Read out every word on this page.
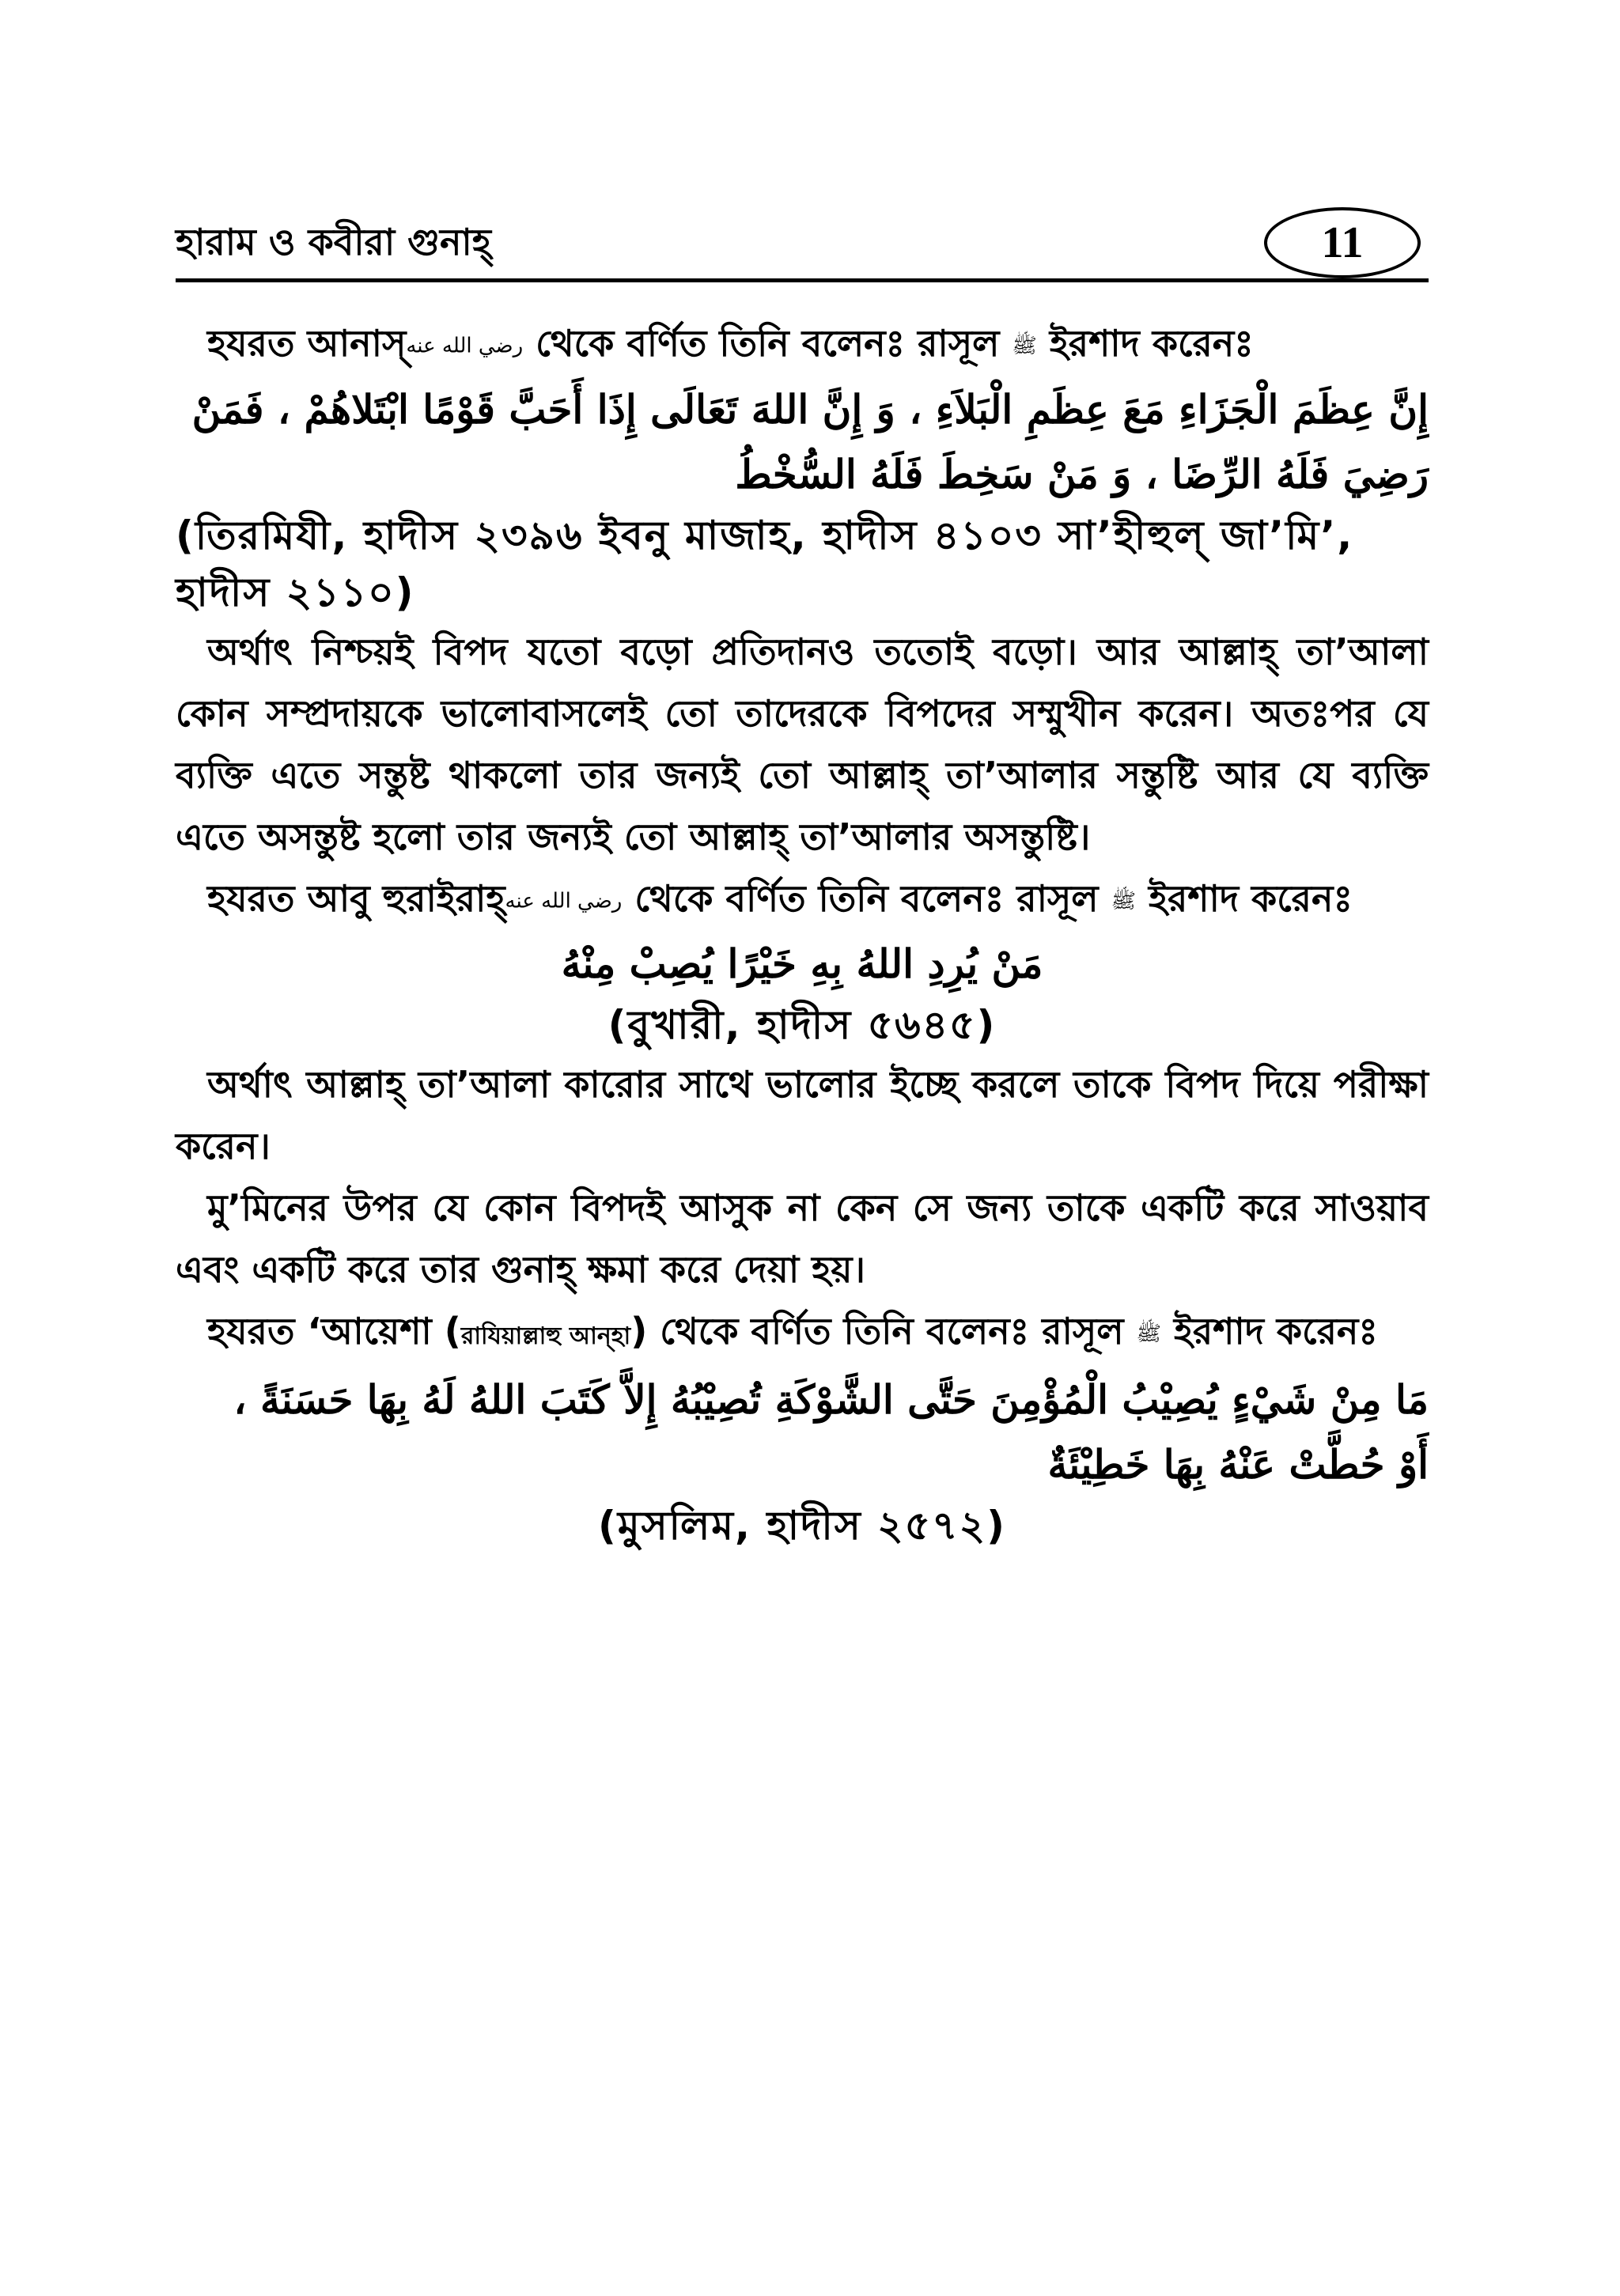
হারাম ও কবীরা গুনাহ্	11

হযরত আনাস্رضي الله عنه থেকে বর্ণিত তিনি বলেনঃ রাসূল ﷺ ইরশাদ করেনঃ

إِنَّ عِظَمَ الْجَزَاءِ مَعَ عِظَمِ الْبَلاَءِ ، وَ إِنَّ اللهَ تَعَالَى إِذَا أَحَبَّ قَوْمًا ابْتَلاهُمْ ، فَمَنْ

رَضِيَ فَلَهُ الرِّضَا ، وَ مَنْ سَخِطَ فَلَهُ السُّخْطُ

(তিরমিযী, হাদীস ২৩৯৬ ইবনু মাজাহ, হাদীস ৪১০৩ সা’হীহুল্ জা’মি’, হাদীস ২১১০)

অর্থাৎ নিশ্চয়ই বিপদ যতো বড়ো প্রতিদানও ততোই বড়ো। আর আল্লাহ্ তা’আলা কোন সম্প্রদায়কে ভালোবাসলেই তো তাদেরকে বিপদের সম্মুখীন করেন। অতঃপর যে ব্যক্তি এতে সন্তুষ্ট থাকলো তার জন্যই তো আল্লাহ্ তা’আলার সন্তুষ্টি আর যে ব্যক্তি এতে অসন্তুষ্ট হলো তার জন্যই তো আল্লাহ্ তা’আলার অসন্তুষ্টি।

হযরত আবু হুরাইরাহ্رضي الله عنه থেকে বর্ণিত তিনি বলেনঃ রাসূল ﷺ ইরশাদ করেনঃ

مَنْ يُرِدِ اللهُ بِهِ خَيْرًا يُصِبْ مِنْهُ

(বুখারী, হাদীস ৫৬৪৫)

অর্থাৎ আল্লাহ্ তা’আলা কারোর সাথে ভালোর ইচ্ছে করলে তাকে বিপদ দিয়ে পরীক্ষা করেন।

মু’মিনের উপর যে কোন বিপদই আসুক না কেন সে জন্য তাকে একটি করে সাওয়াব এবং একটি করে তার গুনাহ্ ক্ষমা করে দেয়া হয়।

হযরত ‘আয়েশা (রাযিয়াল্লাহু আন্হা) থেকে বর্ণিত তিনি বলেনঃ রাসূল ﷺ ইরশাদ করেনঃ

مَا مِنْ شَيْءٍ يُصِيْبُ الْمُؤْمِنَ حَتَّى الشَّوْكَةِ تُصِيْبُهُ إِلاَّ كَتَبَ اللهُ لَهُ بِهَا حَسَنَةً ،

أَوْ حُطَّتْ عَنْهُ بِهَا خَطِيْئَةٌ

(মুসলিম, হাদীস ২৫৭২)
